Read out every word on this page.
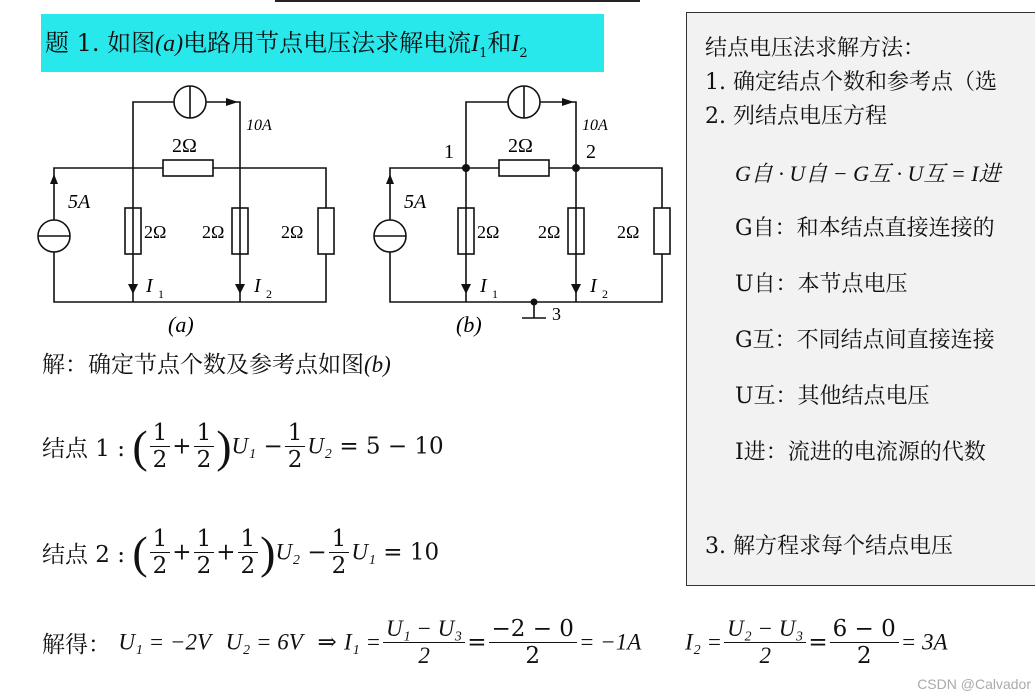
题 1. 如图(a)电路用节点电压法求解电流$I_1$和$I_2$
10A
2Ω
5A
2Ω 2Ω	2Ω
I 1	I 2
(a)
10A
2Ω
1	2
3
5A
2Ω 2Ω	2Ω
I 1	I 2
(b)
解：确定节点个数及参考点如图(b)
结点 1 : ( $\frac{1}{2} + \frac{1}{2} )U_1 - \frac{1}{2} U_2 = 5 - 10$
结点 2 : ( $\frac{1}{2} + \frac{1}{2} + \frac{1}{2} )U_2 - \frac{1}{2} U_1 = 10$
解得： U₁ = −2V U₂ = 6V ⇒ $I_1 = \frac{\text{U₁ − U₃}}{2} = \frac{-2 - 0}{2} = -1A$ $I_2 = \frac{\text{U₂ − U₃}}{2} = \frac{6 - 0}{2} = 3A$
结点电压法求解方法：
1. 确定结点个数和参考点（选
2. 列结点电压方程
G自 · U自 − G互 · U互 = I进
G自：和本结点直接连接的
U自：本节点电压
G互：不同结点间直接连接
U互：其他结点电压
I进：流进的电流源的代数
3. 解方程求每个结点电压
CSDN @Calvador
